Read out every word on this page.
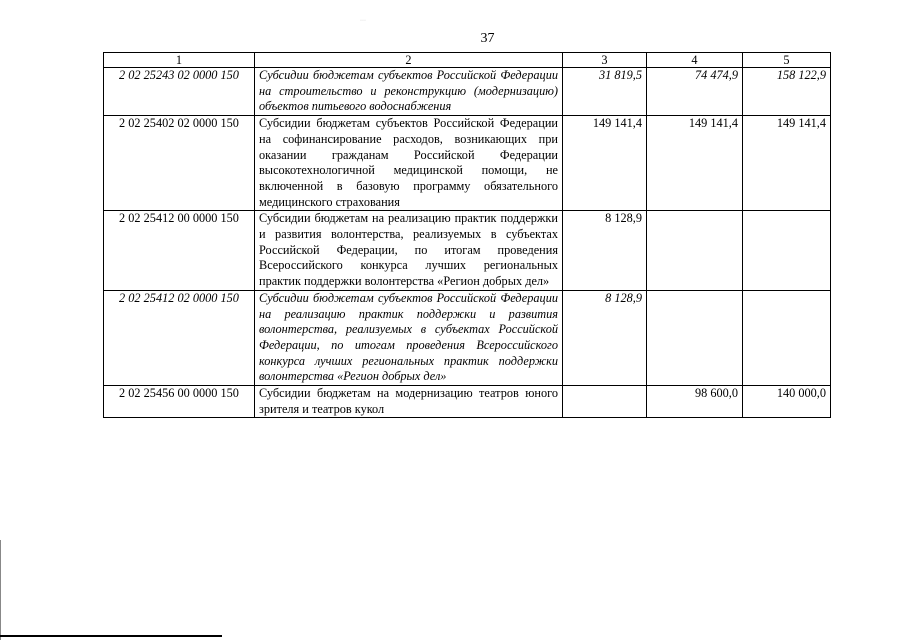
···
37
1	2	3	4	5
2 02 25243 02 0000 150	Субсидии бюджетам субъектов Российской Федерации на строительство и реконструкцию (модернизацию) объектов питьевого водоснабжения	31 819,5	74 474,9	158 122,9
2 02 25402 02 0000 150	Субсидии бюджетам субъектов Российской Федерации на софинансирование расходов, возникающих при оказании гражданам Российской Федерации высокотехнологичной медицинской помощи, не включенной в базовую программу обязательного медицинского страхования	149 141,4	149 141,4	149 141,4
2 02 25412 00 0000 150	Субсидии бюджетам на реализацию практик поддержки и развития волонтерства, реализуемых в субъектах Российской Федерации, по итогам проведения Всероссийского конкурса лучших региональных практик поддержки волонтерства «Регион добрых дел»	8 128,9		
2 02 25412 02 0000 150	Субсидии бюджетам субъектов Российской Федерации на реализацию практик поддержки и развития волонтерства, реализуемых в субъектах Российской Федерации, по итогам проведения Всероссийского конкурса лучших региональных практик поддержки волонтерства «Регион добрых дел»	8 128,9		
2 02 25456 00 0000 150	Субсидии бюджетам на модернизацию театров юного зрителя и театров кукол		98 600,0	140 000,0
